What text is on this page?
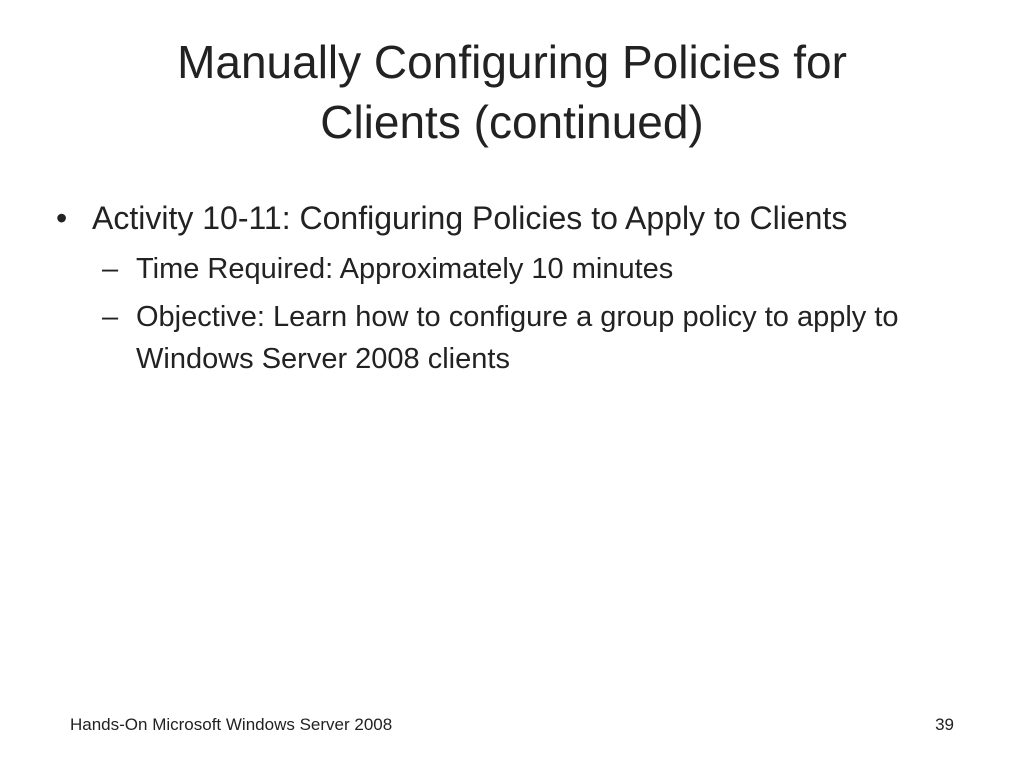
Manually Configuring Policies for
Clients (continued)
• Activity 10-11: Configuring Policies to Apply to Clients
– Time Required: Approximately 10 minutes
– Objective: Learn how to configure a group policy to apply to Windows Server 2008 clients
Hands-On Microsoft Windows Server 2008	39
